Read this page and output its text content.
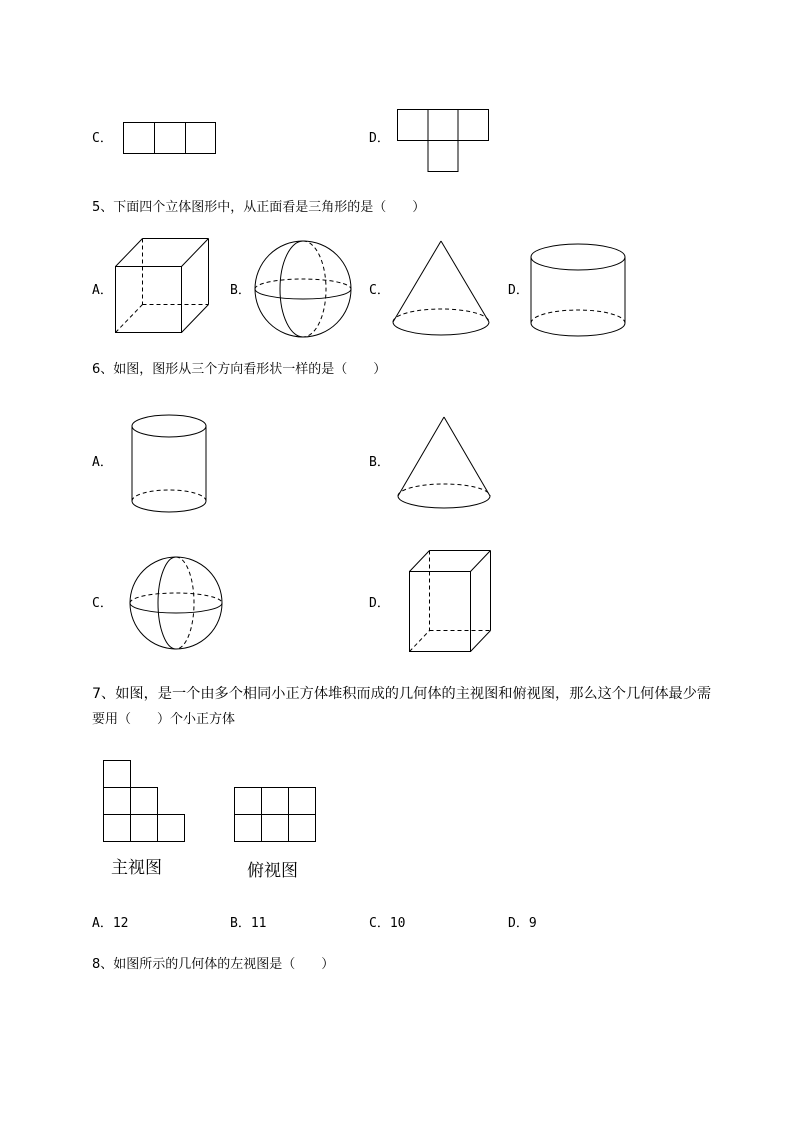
C．	D．
5、下面四个立体图形中，从正面看是三角形的是（　　）
A．	B．	C．	D．
6、如图，图形从三个方向看形状一样的是（　　）
A．	B．
C．	D．
7、如图，是一个由多个相同小正方体堆积而成的几何体的主视图和俯视图，那么这个几何体最少需
要用（　　）个小正方体
主视图	俯视图
A．12	B．11	C．10	D．9
8、如图所示的几何体的左视图是（　　）
